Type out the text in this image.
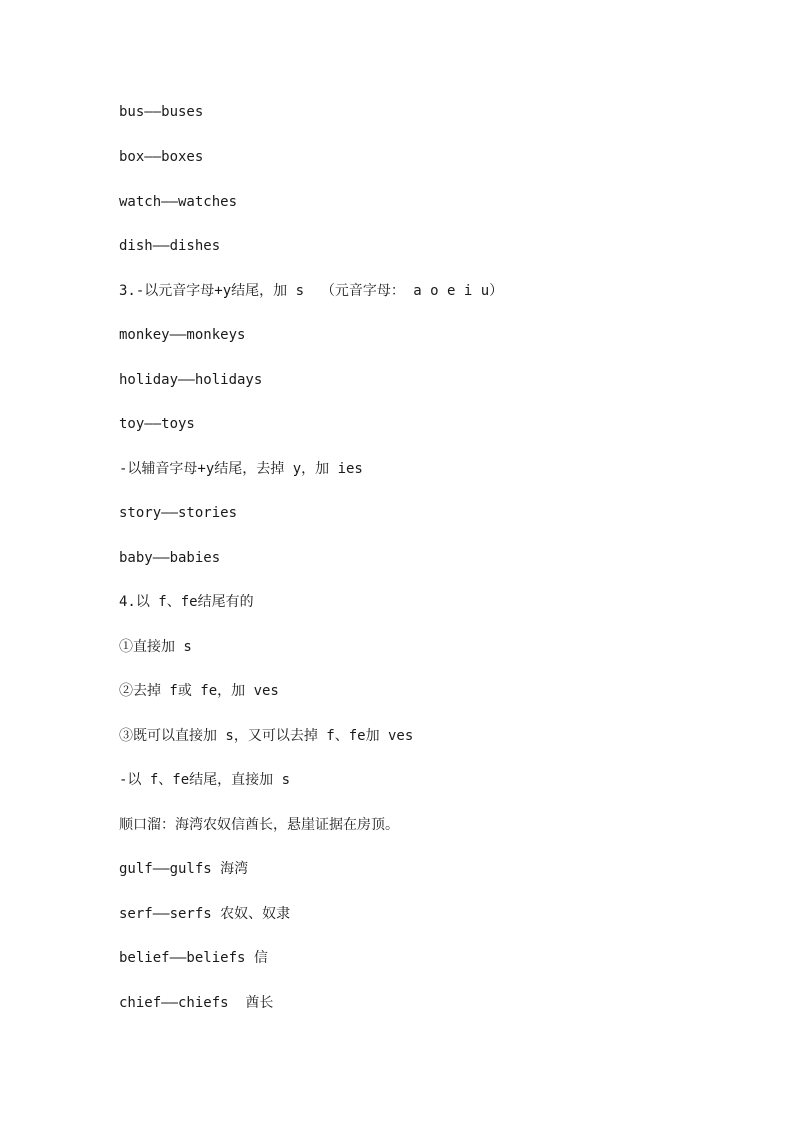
bus——buses
box——boxes
watch——watches
dish——dishes
3.-以元音字母+y结尾，加 s  （元音字母： a o e i u）
monkey——monkeys
holiday——holidays
toy——toys
-以辅音字母+y结尾，去掉 y，加 ies
story——stories
baby——babies
4.以 f、fe结尾有的
①直接加 s
②去掉 f或 fe，加 ves
③既可以直接加 s，又可以去掉 f、fe加 ves
-以 f、fe结尾，直接加 s
顺口溜：海湾农奴信酋长，悬崖证据在房顶。
gulf——gulfs 海湾
serf——serfs 农奴、奴隶
belief——beliefs 信
chief——chiefs  酋长
